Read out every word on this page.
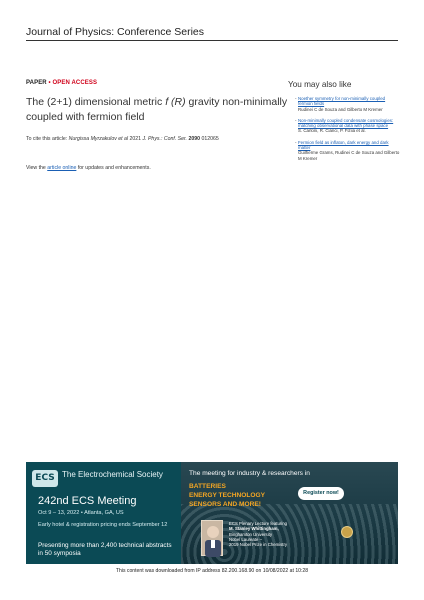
Journal of Physics: Conference Series
PAPER • OPEN ACCESS
The (2+1) dimensional metric f (R) gravity non-minimally coupled with fermion field
To cite this article: Nurgissa Myrzakulov et al 2021 J. Phys.: Conf. Ser. 2090 012065
View the article online for updates and enhancements.
You may also like
- Noether symmetry for non-minimally coupled fermion fields
Rudinei C de Souza and Gilberto M Kremer
- Non-minimally coupled condensate cosmologies: matching observational data with phase space
S. Carloni, R. Cianci, P. Fiziia et al.
- Fermion field as inflaton, dark energy and dark matter
Guilherme Grams, Rudinei C de Souza and Gilberto M Kremer
ECS The Electrochemical Society
242nd ECS Meeting
Oct 9 – 13, 2022 • Atlanta, GA, US
Early hotel & registration pricing ends September 12
Presenting more than 2,400 technical abstracts in 50 symposia
The meeting for industry & researchers in
BATTERIES
ENERGY TECHNOLOGY
SENSORS AND MORE!
Register now!
ECS Plenary Lecture featuring
M. Stanley Whittingham,
Binghamton University
Nobel Laureate –
2019 Nobel Prize in Chemistry
This content was downloaded from IP address 82.200.168.90 on 10/08/2022 at 10:28
